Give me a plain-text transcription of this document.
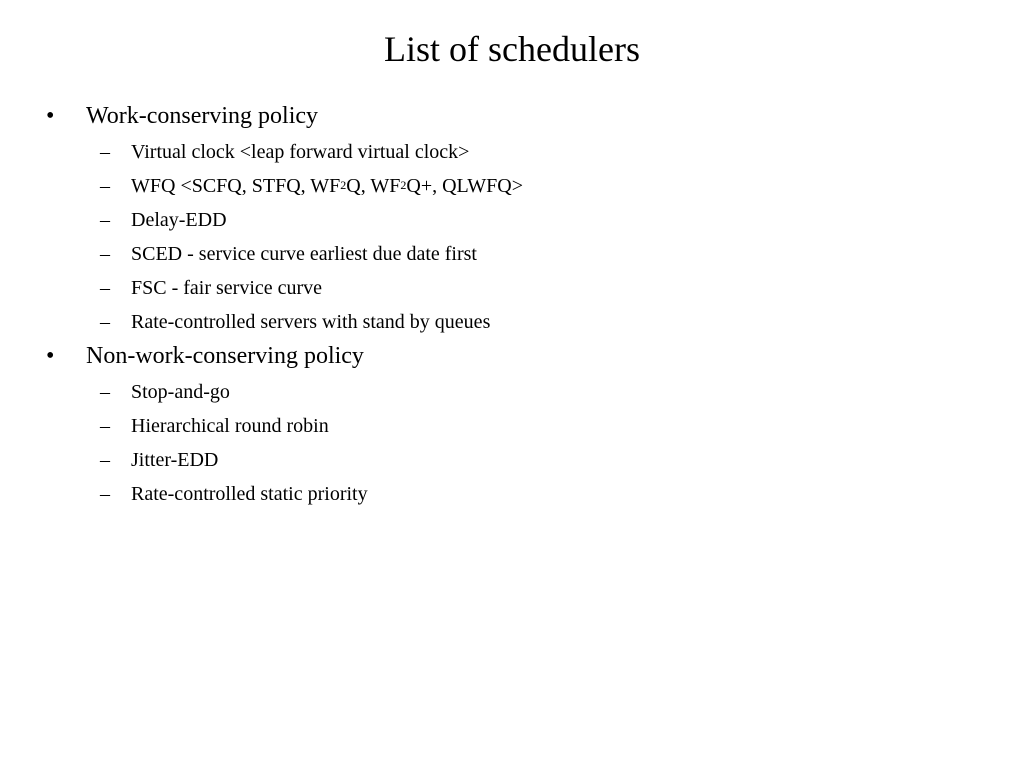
List of schedulers
• Work-conserving policy
– Virtual clock <leap forward virtual clock>
– WFQ <SCFQ, STFQ, $WF^2Q$, $WF^2Q+$, QLWFQ>
– Delay-EDD
– SCED - service curve earliest due date first
– FSC - fair service curve
– Rate-controlled servers with stand by queues
• Non-work-conserving policy
– Stop-and-go
– Hierarchical round robin
– Jitter-EDD
– Rate-controlled static priority
